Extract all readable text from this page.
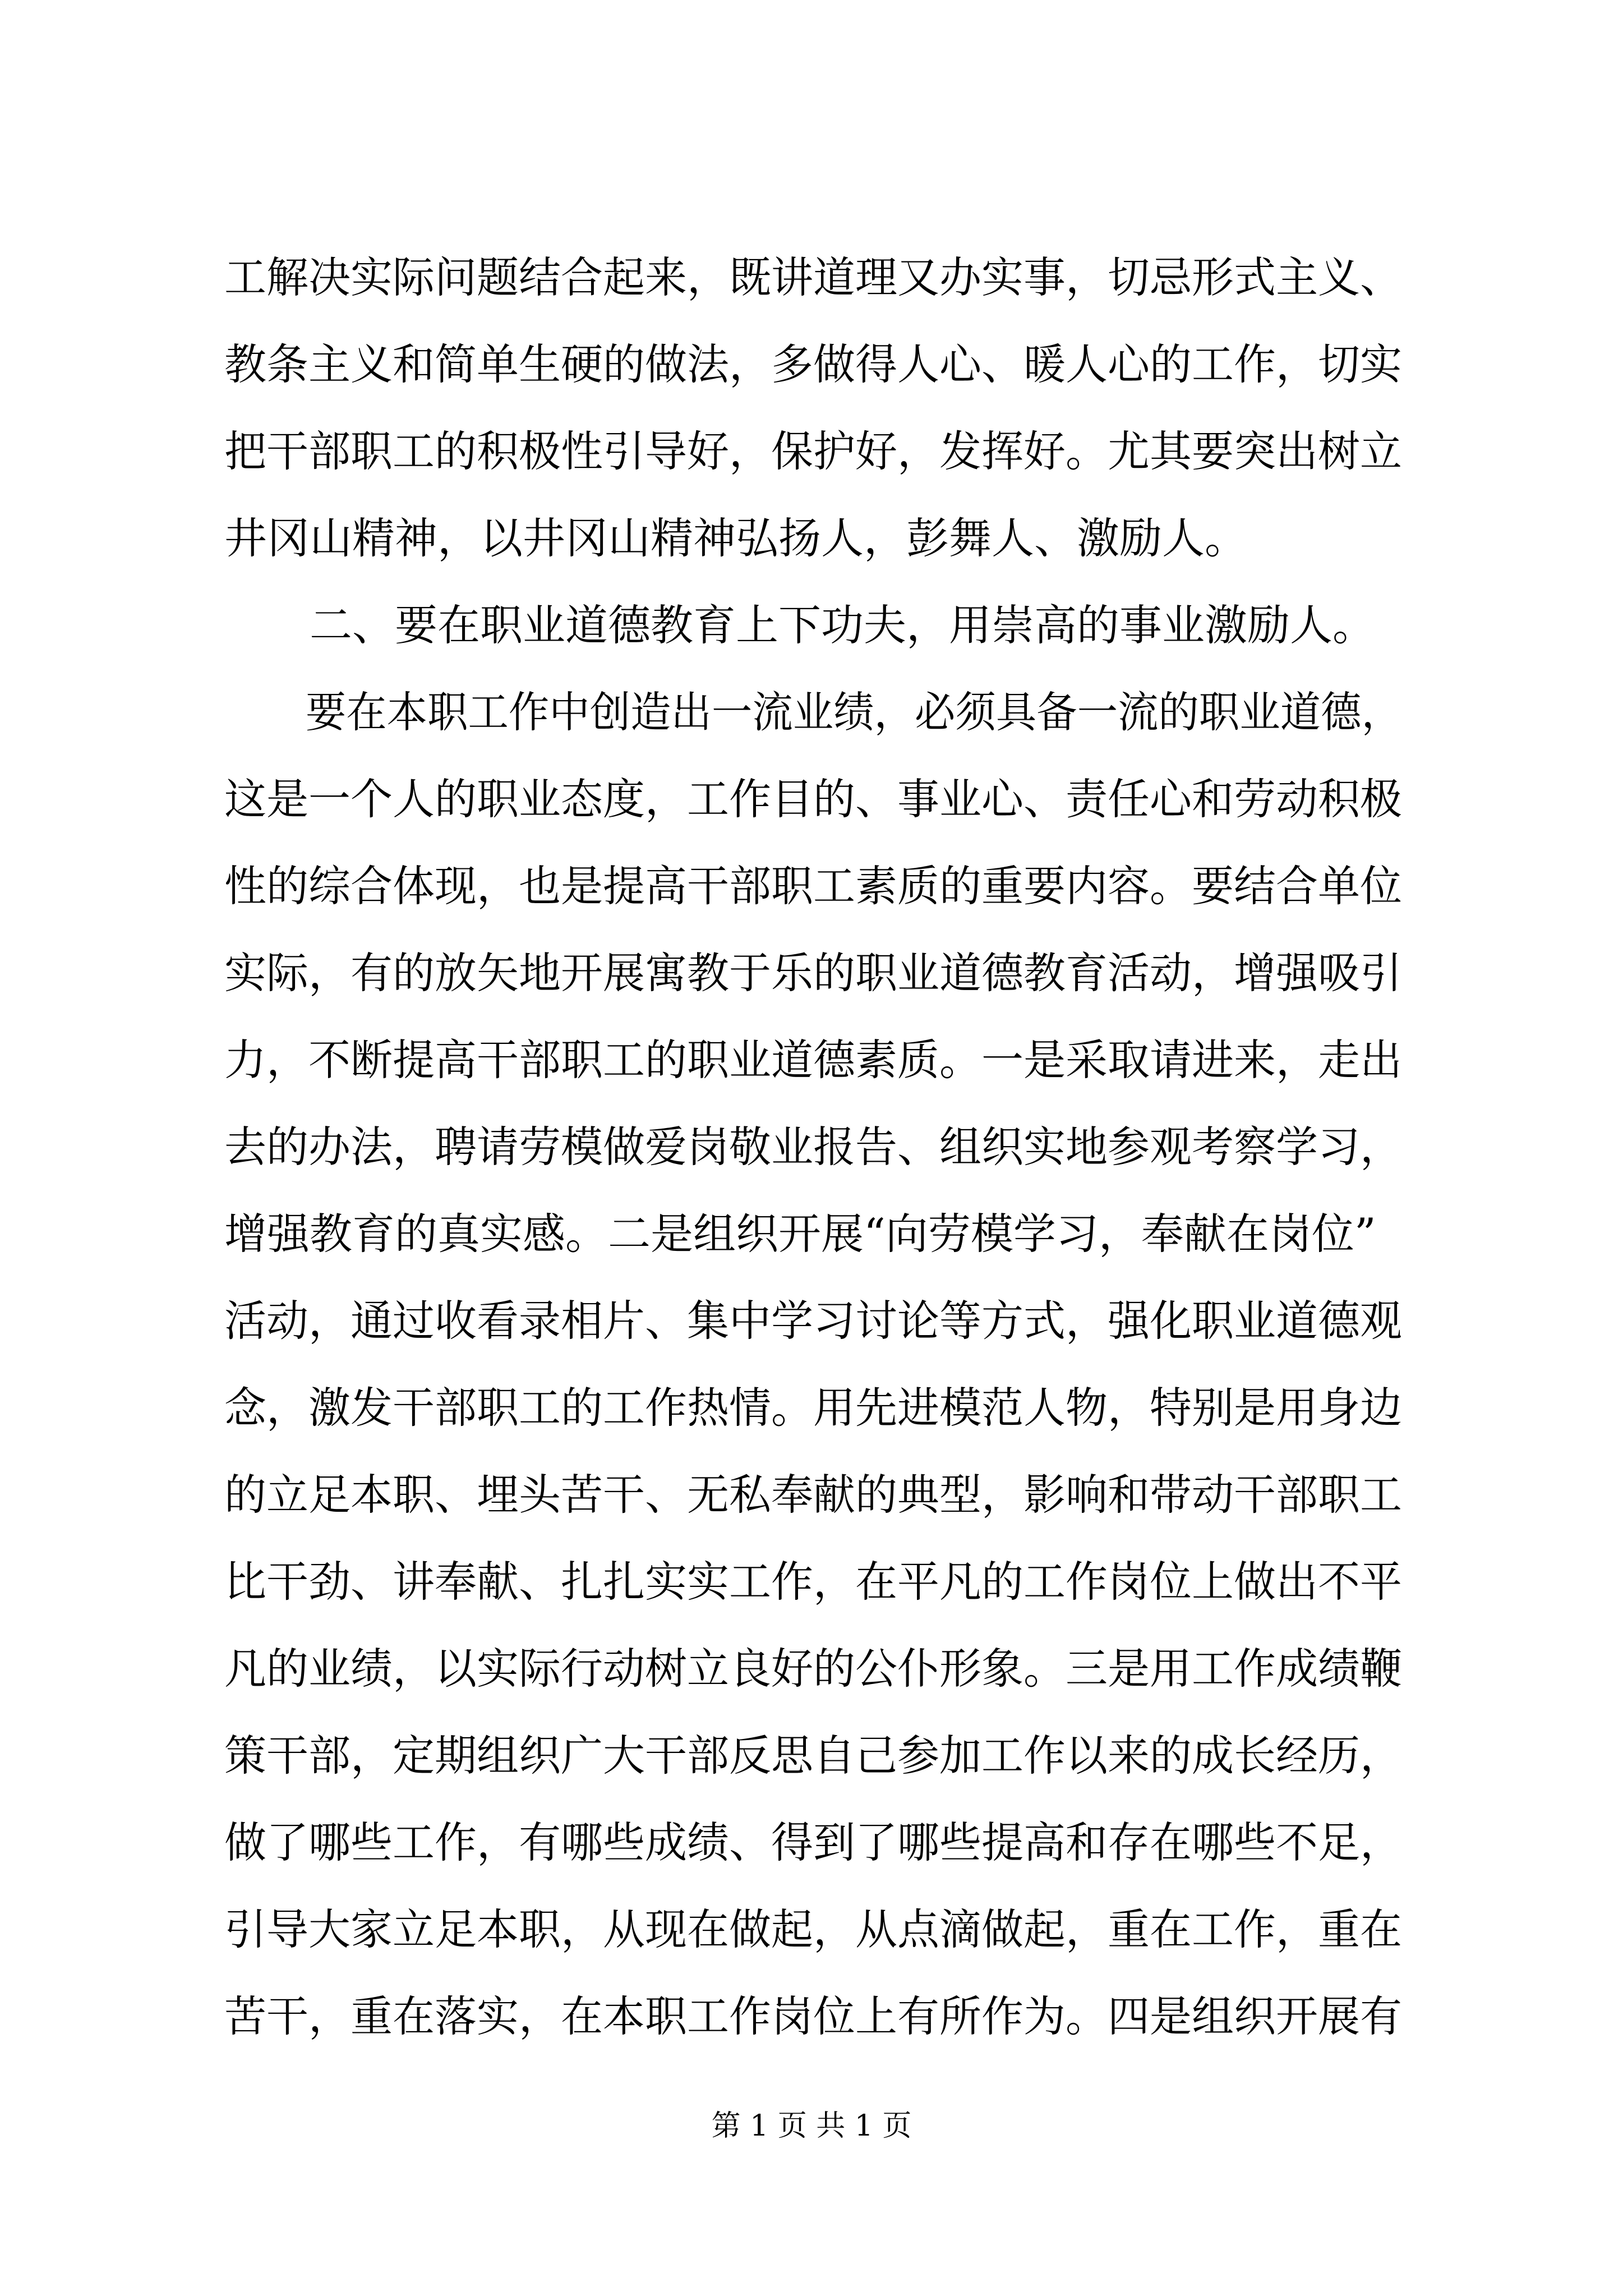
工解决实际问题结合起来，既讲道理又办实事，切忌形式主义、
教条主义和简单生硬的做法，多做得人心、暖人心的工作，切实
把干部职工的积极性引导好，保护好，发挥好。尤其要突出树立
井冈山精神，以井冈山精神弘扬人，彭舞人、激励人。
　　二、要在职业道德教育上下功夫，用崇高的事业激励人。
　　要在本职工作中创造出一流业绩，必须具备一流的职业道德，
这是一个人的职业态度，工作目的、事业心、责任心和劳动积极
性的综合体现，也是提高干部职工素质的重要内容。要结合单位
实际，有的放矢地开展寓教于乐的职业道德教育活动，增强吸引
力，不断提高干部职工的职业道德素质。一是采取请进来，走出
去的办法，聘请劳模做爱岗敬业报告、组织实地参观考察学习，
增强教育的真实感。二是组织开展“向劳模学习，奉献在岗位”
活动，通过收看录相片、集中学习讨论等方式，强化职业道德观
念，激发干部职工的工作热情。用先进模范人物，特别是用身边
的立足本职、埋头苦干、无私奉献的典型，影响和带动干部职工
比干劲、讲奉献、扎扎实实工作，在平凡的工作岗位上做出不平
凡的业绩，以实际行动树立良好的公仆形象。三是用工作成绩鞭
策干部，定期组织广大干部反思自己参加工作以来的成长经历，
做了哪些工作，有哪些成绩、得到了哪些提高和存在哪些不足，
引导大家立足本职，从现在做起，从点滴做起，重在工作，重在
苦干，重在落实，在本职工作岗位上有所作为。四是组织开展有
第 1 页 共 1 页
